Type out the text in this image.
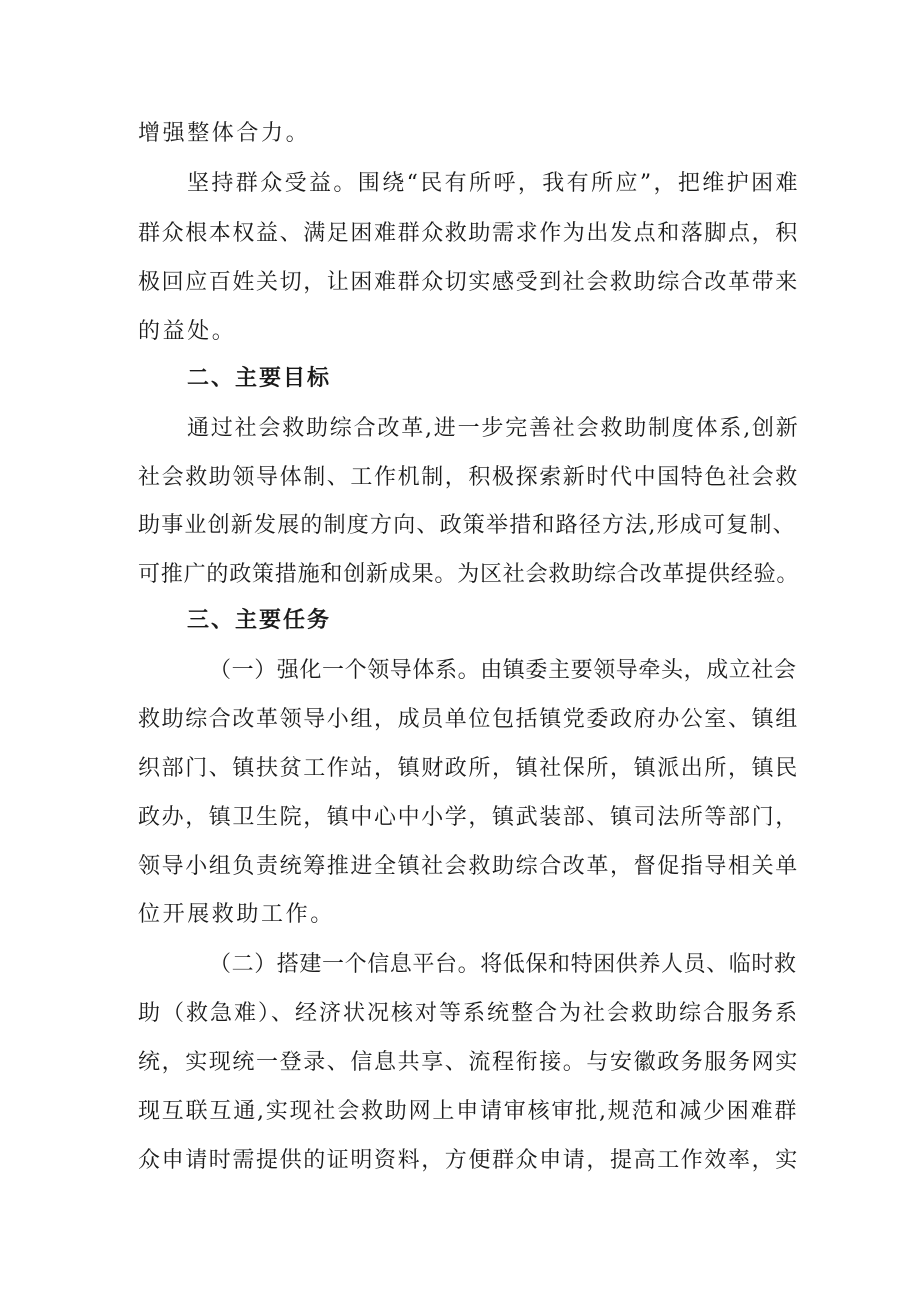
增强整体合力。
坚持群众受益。围绕“民有所呼，我有所应”，把维护困难
群众根本权益、满足困难群众救助需求作为出发点和落脚点，积
极回应百姓关切，让困难群众切实感受到社会救助综合改革带来
的益处。
二、主要目标
通过社会救助综合改革,进一步完善社会救助制度体系,创新
社会救助领导体制、工作机制，积极探索新时代中国特色社会救
助事业创新发展的制度方向、政策举措和路径方法,形成可复制、
可推广的政策措施和创新成果。为区社会救助综合改革提供经验。
三、主要任务
（一）强化一个领导体系。由镇委主要领导牵头，成立社会
救助综合改革领导小组，成员单位包括镇党委政府办公室、镇组
织部门、镇扶贫工作站，镇财政所，镇社保所，镇派出所，镇民
政办，镇卫生院，镇中心中小学，镇武装部、镇司法所等部门，
领导小组负责统筹推进全镇社会救助综合改革，督促指导相关单
位开展救助工作。
（二）搭建一个信息平台。将低保和特困供养人员、临时救
助（救急难）、经济状况核对等系统整合为社会救助综合服务系
统，实现统一登录、信息共享、流程衔接。与安徽政务服务网实
现互联互通,实现社会救助网上申请审核审批,规范和减少困难群
众申请时需提供的证明资料，方便群众申请，提高工作效率，实
